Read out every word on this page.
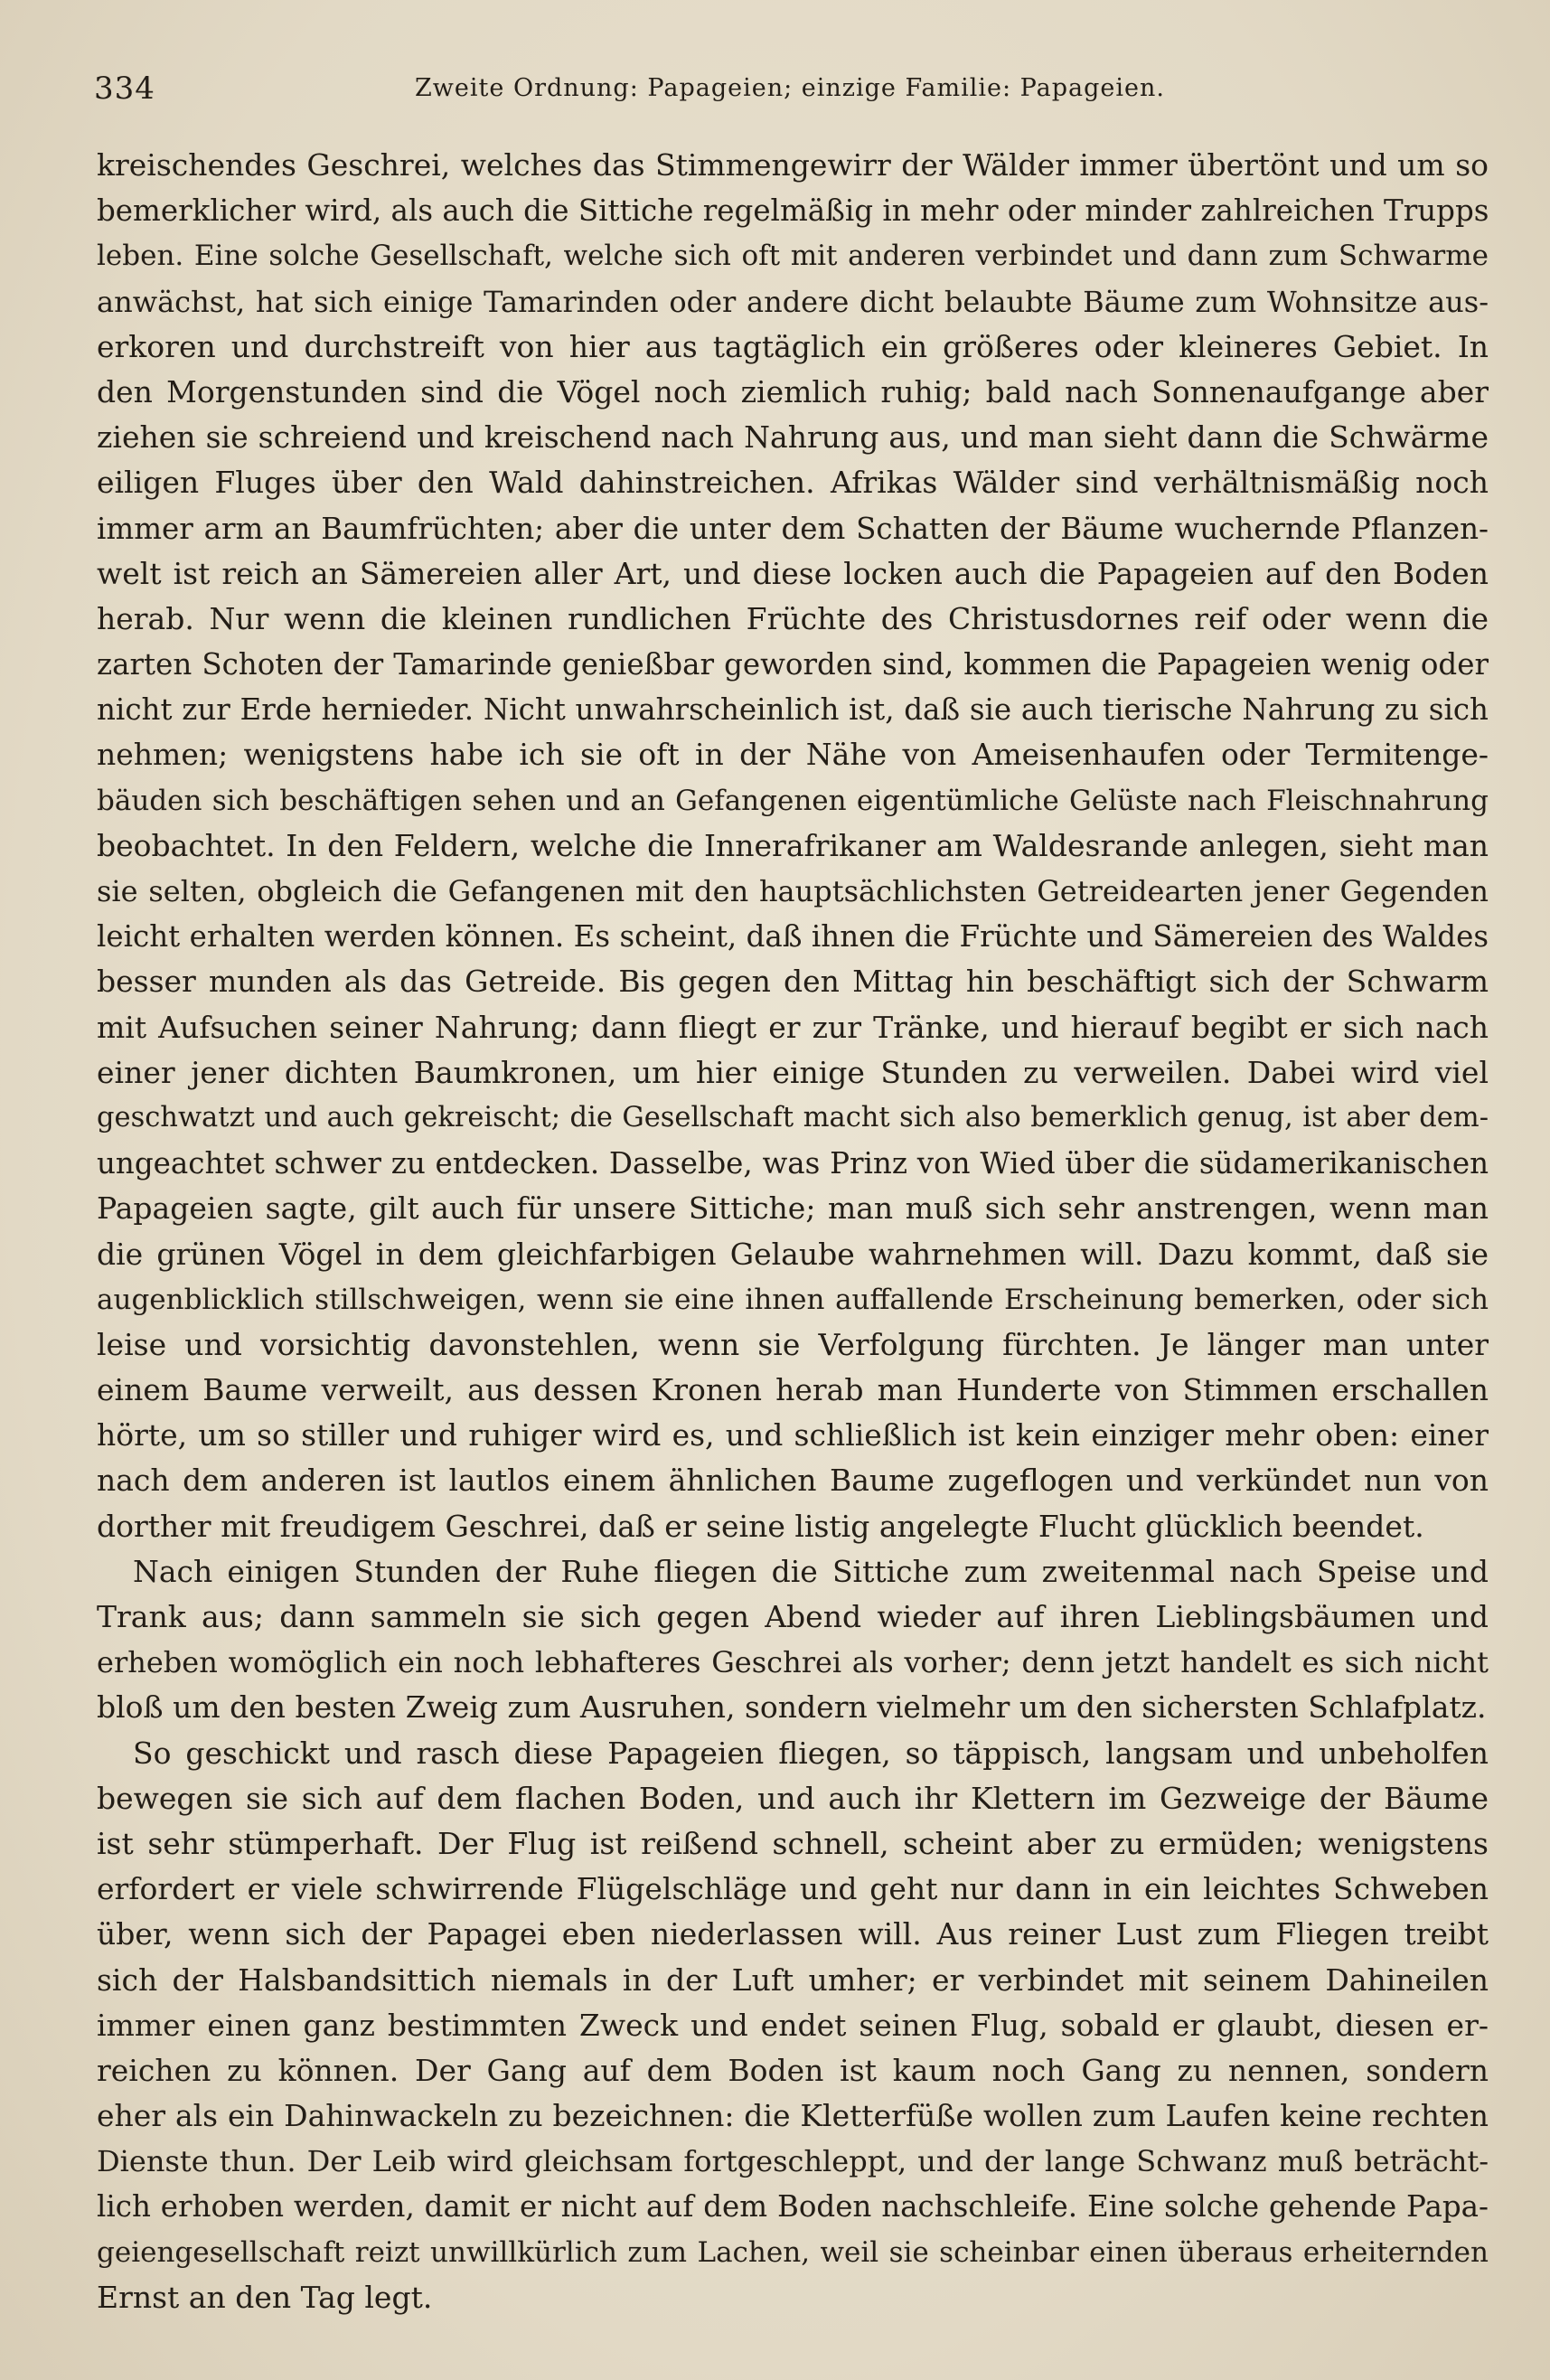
334	Zweite Ordnung: Papageien; einzige Familie: Papageien.
kreischendes Geschrei, welches das Stimmengewirr der Wälder immer übertönt und um so
bemerklicher wird, als auch die Sittiche regelmäßig in mehr oder minder zahlreichen Trupps
leben. Eine solche Gesellschaft, welche sich oft mit anderen verbindet und dann zum Schwarme
anwächst, hat sich einige Tamarinden oder andere dicht belaubte Bäume zum Wohnsitze aus-
erkoren und durchstreift von hier aus tagtäglich ein größeres oder kleineres Gebiet. In
den Morgenstunden sind die Vögel noch ziemlich ruhig; bald nach Sonnenaufgange aber
ziehen sie schreiend und kreischend nach Nahrung aus, und man sieht dann die Schwärme
eiligen Fluges über den Wald dahinstreichen. Afrikas Wälder sind verhältnismäßig noch
immer arm an Baumfrüchten; aber die unter dem Schatten der Bäume wuchernde Pflanzen-
welt ist reich an Sämereien aller Art, und diese locken auch die Papageien auf den Boden
herab. Nur wenn die kleinen rundlichen Früchte des Christusdornes reif oder wenn die
zarten Schoten der Tamarinde genießbar geworden sind, kommen die Papageien wenig oder
nicht zur Erde hernieder. Nicht unwahrscheinlich ist, daß sie auch tierische Nahrung zu sich
nehmen; wenigstens habe ich sie oft in der Nähe von Ameisenhaufen oder Termitenge-
bäuden sich beschäftigen sehen und an Gefangenen eigentümliche Gelüste nach Fleischnahrung
beobachtet. In den Feldern, welche die Innerafrikaner am Waldesrande anlegen, sieht man
sie selten, obgleich die Gefangenen mit den hauptsächlichsten Getreidearten jener Gegenden
leicht erhalten werden können. Es scheint, daß ihnen die Früchte und Sämereien des Waldes
besser munden als das Getreide. Bis gegen den Mittag hin beschäftigt sich der Schwarm
mit Aufsuchen seiner Nahrung; dann fliegt er zur Tränke, und hierauf begibt er sich nach
einer jener dichten Baumkronen, um hier einige Stunden zu verweilen. Dabei wird viel
geschwatzt und auch gekreischt; die Gesellschaft macht sich also bemerklich genug, ist aber dem-
ungeachtet schwer zu entdecken. Dasselbe, was Prinz von Wied über die südamerikanischen
Papageien sagte, gilt auch für unsere Sittiche; man muß sich sehr anstrengen, wenn man
die grünen Vögel in dem gleichfarbigen Gelaube wahrnehmen will. Dazu kommt, daß sie
augenblicklich stillschweigen, wenn sie eine ihnen auffallende Erscheinung bemerken, oder sich
leise und vorsichtig davonstehlen, wenn sie Verfolgung fürchten. Je länger man unter
einem Baume verweilt, aus dessen Kronen herab man Hunderte von Stimmen erschallen
hörte, um so stiller und ruhiger wird es, und schließlich ist kein einziger mehr oben: einer
nach dem anderen ist lautlos einem ähnlichen Baume zugeflogen und verkündet nun von
dorther mit freudigem Geschrei, daß er seine listig angelegte Flucht glücklich beendet.
Nach einigen Stunden der Ruhe fliegen die Sittiche zum zweitenmal nach Speise und
Trank aus; dann sammeln sie sich gegen Abend wieder auf ihren Lieblingsbäumen und
erheben womöglich ein noch lebhafteres Geschrei als vorher; denn jetzt handelt es sich nicht
bloß um den besten Zweig zum Ausruhen, sondern vielmehr um den sichersten Schlafplatz.
So geschickt und rasch diese Papageien fliegen, so täppisch, langsam und unbeholfen
bewegen sie sich auf dem flachen Boden, und auch ihr Klettern im Gezweige der Bäume
ist sehr stümperhaft. Der Flug ist reißend schnell, scheint aber zu ermüden; wenigstens
erfordert er viele schwirrende Flügelschläge und geht nur dann in ein leichtes Schweben
über, wenn sich der Papagei eben niederlassen will. Aus reiner Lust zum Fliegen treibt
sich der Halsbandsittich niemals in der Luft umher; er verbindet mit seinem Dahineilen
immer einen ganz bestimmten Zweck und endet seinen Flug, sobald er glaubt, diesen er-
reichen zu können. Der Gang auf dem Boden ist kaum noch Gang zu nennen, sondern
eher als ein Dahinwackeln zu bezeichnen: die Kletterfüße wollen zum Laufen keine rechten
Dienste thun. Der Leib wird gleichsam fortgeschleppt, und der lange Schwanz muß beträcht-
lich erhoben werden, damit er nicht auf dem Boden nachschleife. Eine solche gehende Papa-
geiengesellschaft reizt unwillkürlich zum Lachen, weil sie scheinbar einen überaus erheiternden
Ernst an den Tag legt.
